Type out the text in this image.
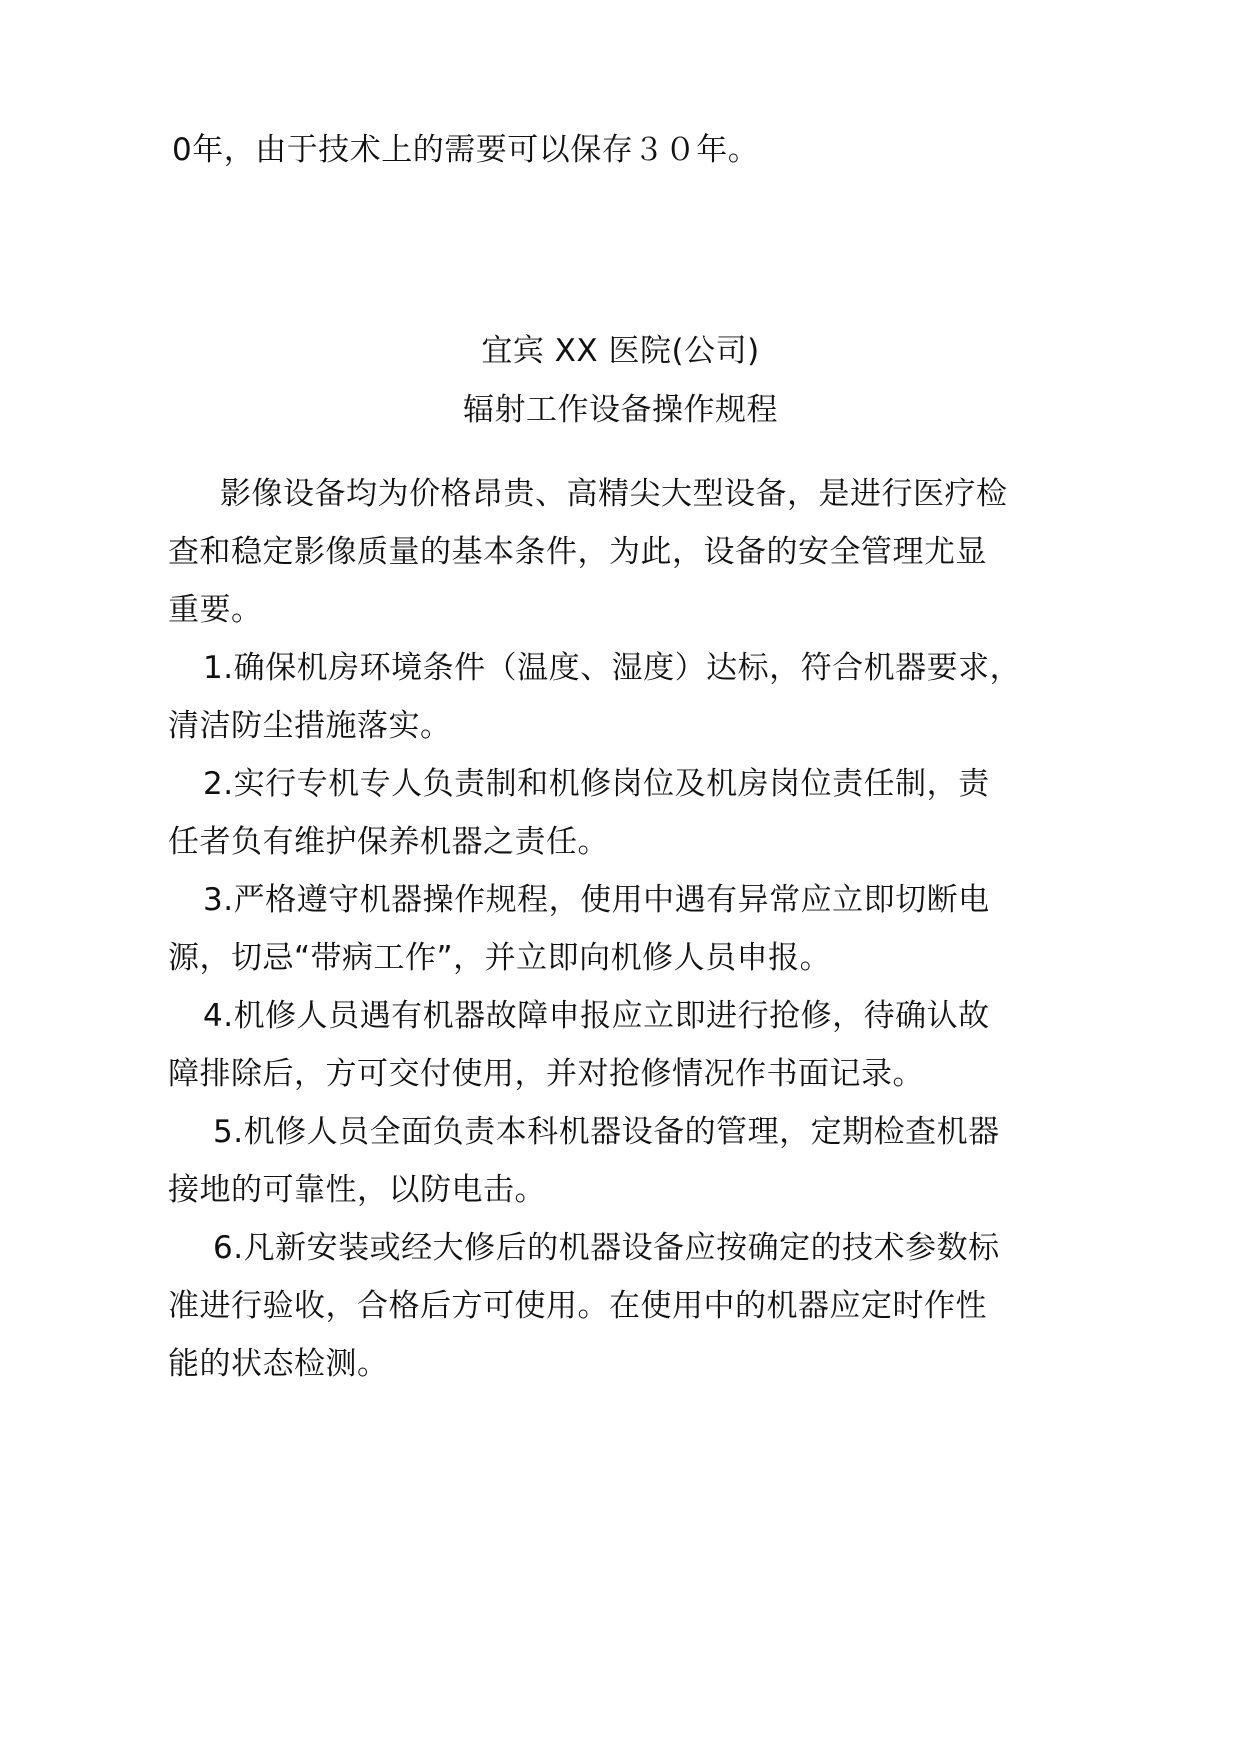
0年，由于技术上的需要可以保存３０年。
宜宾 XX 医院(公司)
辐射工作设备操作规程
影像设备均为价格昂贵、高精尖大型设备，是进行医疗检
查和稳定影像质量的基本条件，为此，设备的安全管理尤显
重要。
1.确保机房环境条件（温度、湿度）达标，符合机器要求，
清洁防尘措施落实。
2.实行专机专人负责制和机修岗位及机房岗位责任制，责
任者负有维护保养机器之责任。
3.严格遵守机器操作规程，使用中遇有异常应立即切断电
源，切忌“带病工作”，并立即向机修人员申报。
4.机修人员遇有机器故障申报应立即进行抢修，待确认故
障排除后，方可交付使用，并对抢修情况作书面记录。
5.机修人员全面负责本科机器设备的管理，定期检查机器
接地的可靠性，以防电击。
6.凡新安装或经大修后的机器设备应按确定的技术参数标
准进行验收，合格后方可使用。在使用中的机器应定时作性
能的状态检测。
